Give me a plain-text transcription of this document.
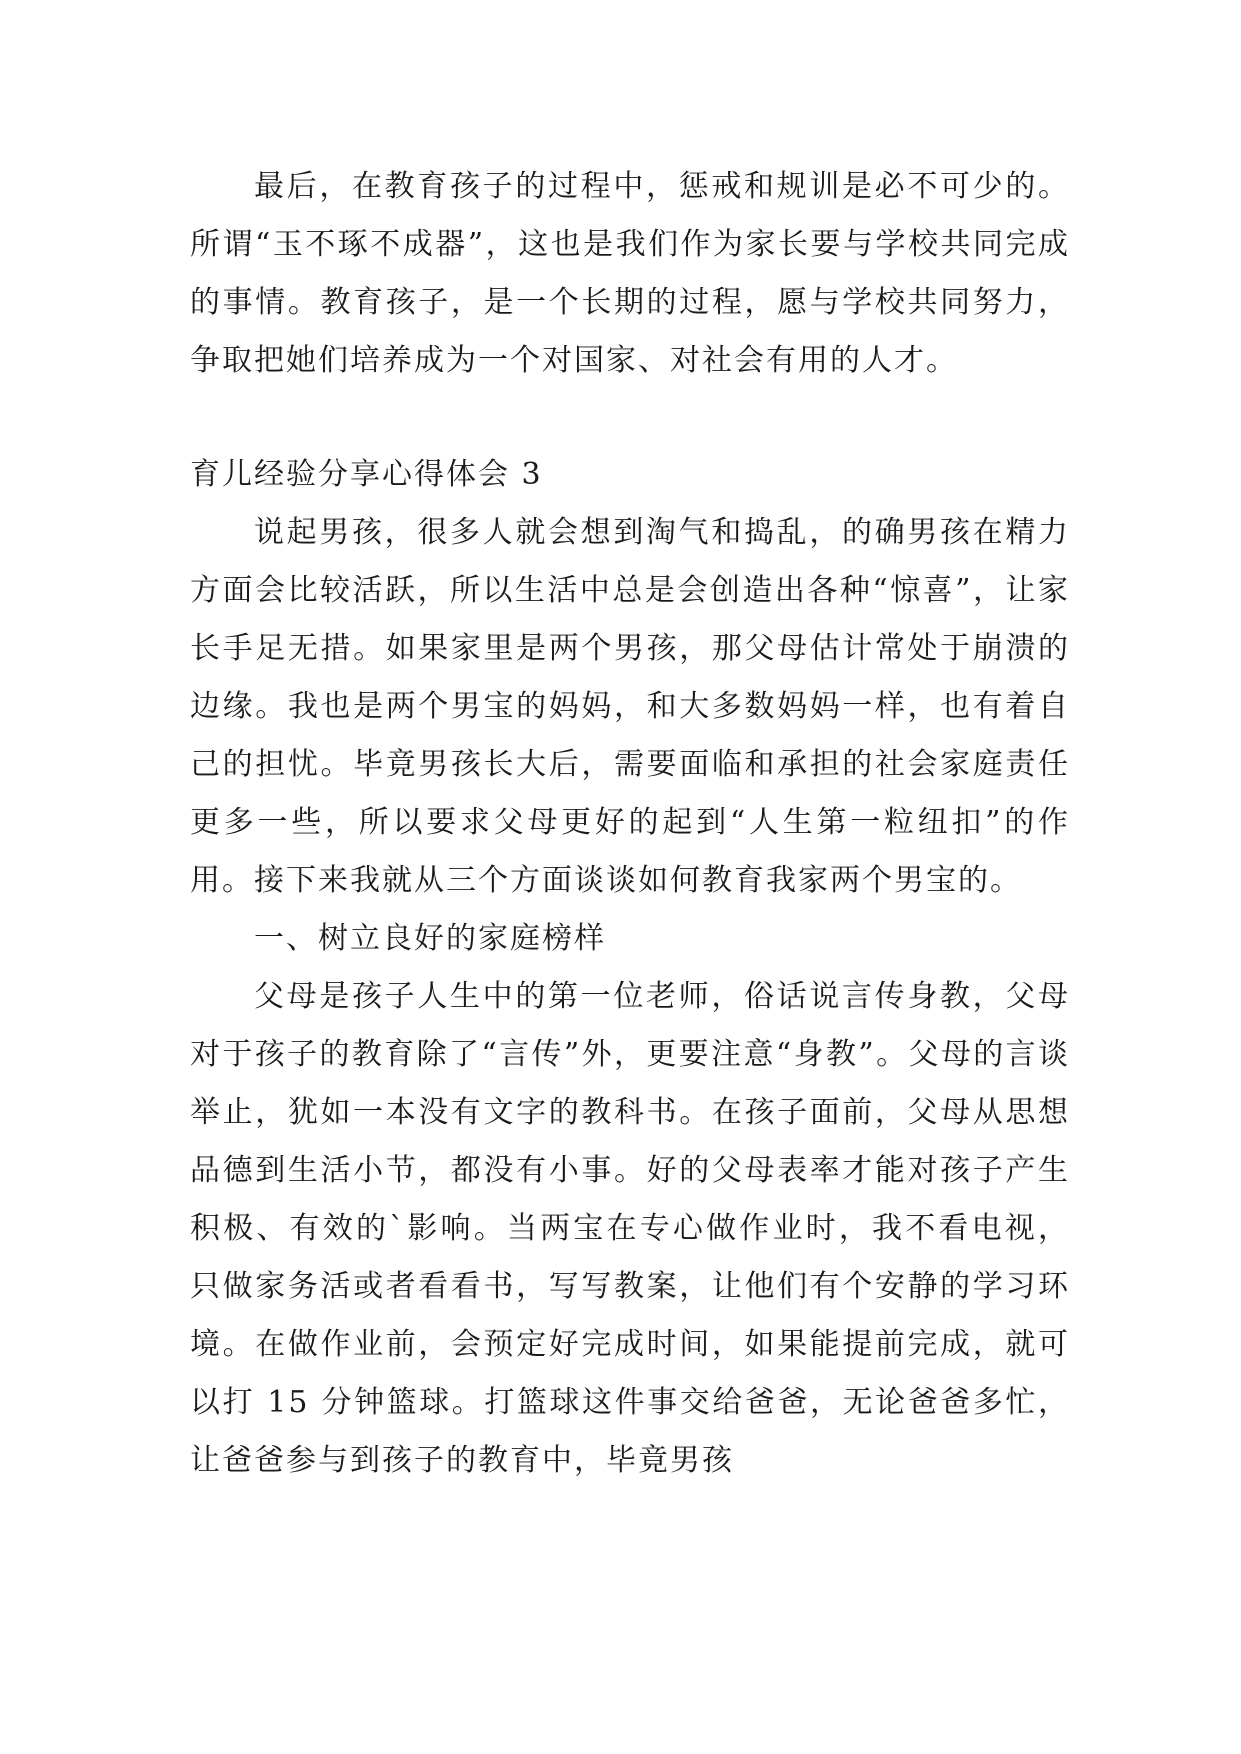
最后，在教育孩子的过程中，惩戒和规训是必不可少的。所谓“玉不琢不成器”，这也是我们作为家长要与学校共同完成的事情。教育孩子，是一个长期的过程，愿与学校共同努力，争取把她们培养成为一个对国家、对社会有用的人才。

育儿经验分享心得体会 3

说起男孩，很多人就会想到淘气和捣乱，的确男孩在精力方面会比较活跃，所以生活中总是会创造出各种“惊喜”，让家长手足无措。如果家里是两个男孩，那父母估计常处于崩溃的边缘。我也是两个男宝的妈妈，和大多数妈妈一样，也有着自己的担忧。毕竟男孩长大后，需要面临和承担的社会家庭责任更多一些，所以要求父母更好的起到“人生第一粒纽扣”的作用。接下来我就从三个方面谈谈如何教育我家两个男宝的。

一、树立良好的家庭榜样

父母是孩子人生中的第一位老师，俗话说言传身教，父母对于孩子的教育除了“言传”外，更要注意“身教”。父母的言谈举止，犹如一本没有文字的教科书。在孩子面前，父母从思想品德到生活小节，都没有小事。好的父母表率才能对孩子产生积极、有效的`影响。当两宝在专心做作业时，我不看电视，只做家务活或者看看书，写写教案，让他们有个安静的学习环境。在做作业前，会预定好完成时间，如果能提前完成，就可以打 15 分钟篮球。打篮球这件事交给爸爸，无论爸爸多忙，让爸爸参与到孩子的教育中，毕竟男孩
